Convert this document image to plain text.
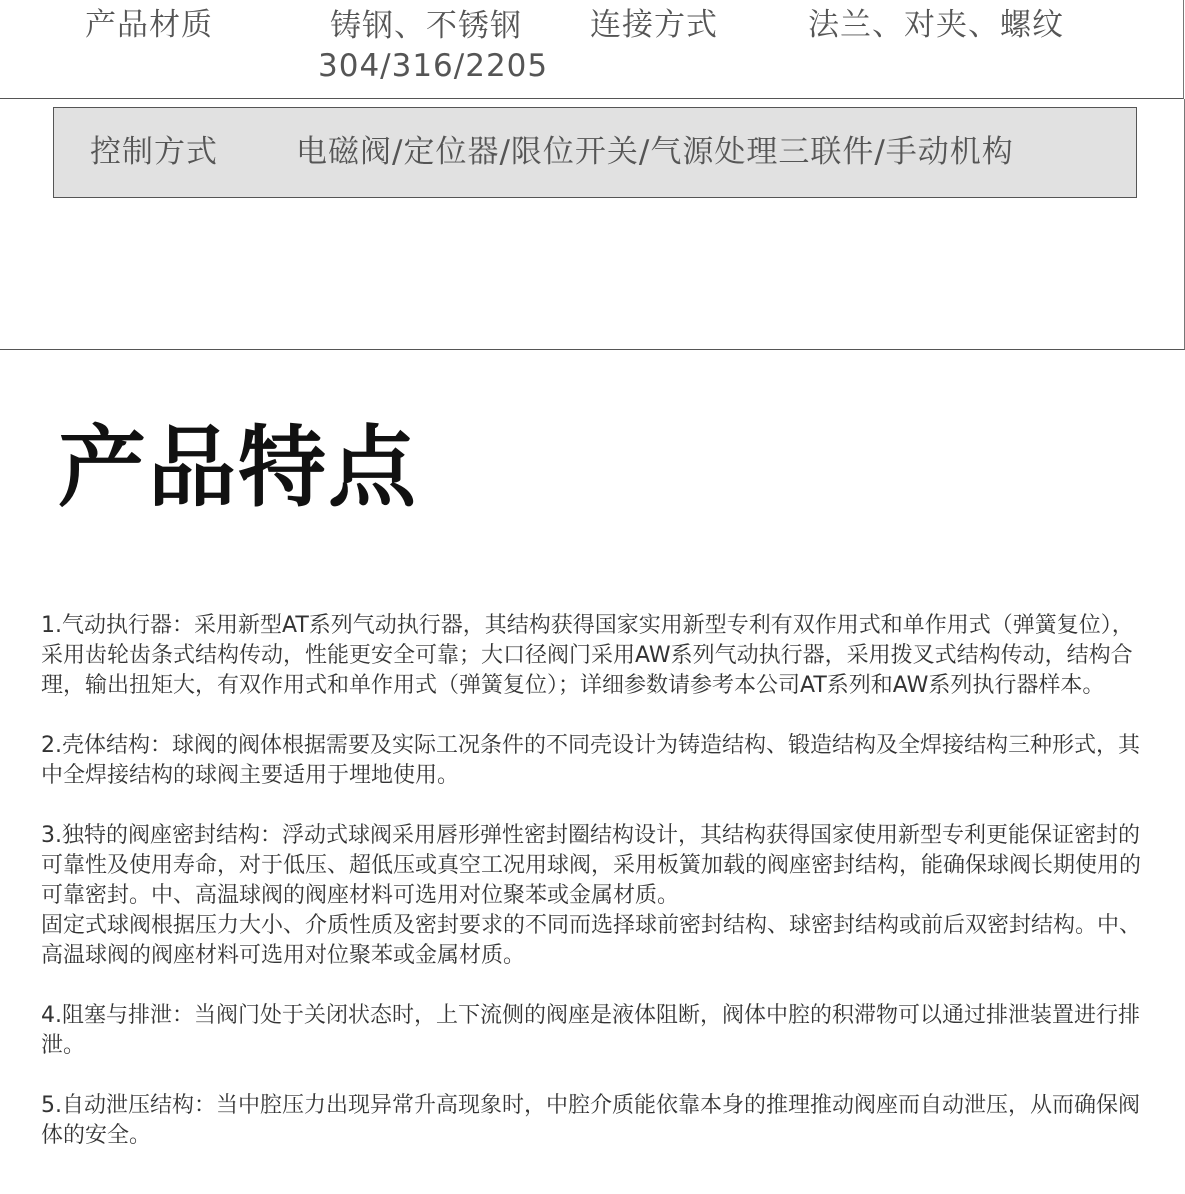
产品材质	铸钢、不锈钢
304/316/2205
连接方式	法兰、对夹、螺纹
控制方式	电磁阀/定位器/限位开关/气源处理三联件/手动机构
产品特点

1.气动执行器：采用新型AT系列气动执行器，其结构获得国家实用新型专利有双作用式和单作用式（弹簧复位），采用齿轮齿条式结构传动，性能更安全可靠；大口径阀门采用AW系列气动执行器，采用拨叉式结构传动，结构合理，输出扭矩大，有双作用式和单作用式（弹簧复位）；详细参数请参考本公司AT系列和AW系列执行器样本。

2.壳体结构：球阀的阀体根据需要及实际工况条件的不同壳设计为铸造结构、锻造结构及全焊接结构三种形式，其中全焊接结构的球阀主要适用于埋地使用。

3.独特的阀座密封结构：浮动式球阀采用唇形弹性密封圈结构设计，其结构获得国家使用新型专利更能保证密封的可靠性及使用寿命，对于低压、超低压或真空工况用球阀，采用板簧加载的阀座密封结构，能确保球阀长期使用的可靠密封。中、高温球阀的阀座材料可选用对位聚苯或金属材质。

固定式球阀根据压力大小、介质性质及密封要求的不同而选择球前密封结构、球密封结构或前后双密封结构。中、高温球阀的阀座材料可选用对位聚苯或金属材质。

4.阻塞与排泄：当阀门处于关闭状态时，上下流侧的阀座是液体阻断，阀体中腔的积滞物可以通过排泄装置进行排泄。

5.自动泄压结构：当中腔压力出现异常升高现象时，中腔介质能依靠本身的推理推动阀座而自动泄压，从而确保阀体的安全。
